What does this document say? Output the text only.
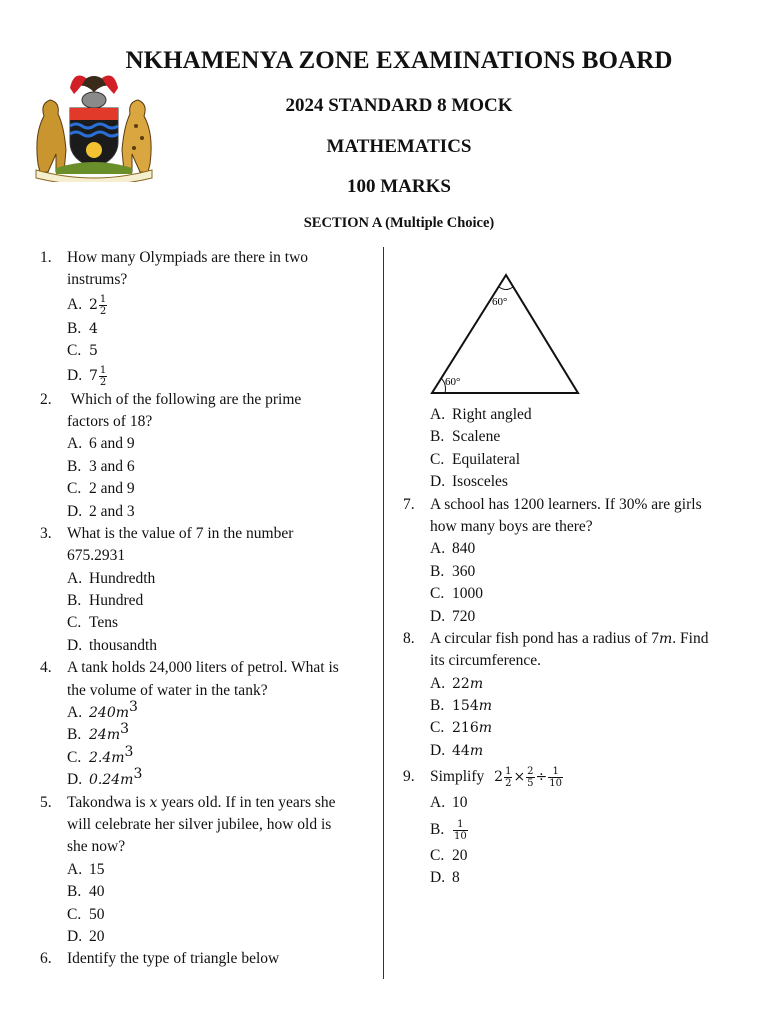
NKHAMENYA ZONE EXAMINATIONS BOARD
2024 STANDARD 8 MOCK
MATHEMATICS
100 MARKS
SECTION A (Multiple Choice)
1. How many Olympiads are there in two
instrums?
A. $2 \frac{1}{2}$
B. 4
C. 5
D. $7 \frac{1}{2}$
2. Which of the following are the prime
factors of 18?
A. 6 and 9
B. 3 and 6
C. 2 and 9
D. 2 and 3
3. What is the value of 7 in the number
675.2931
A. Hundredth
B. Hundred
C. Tens
D. thousandth
4. A tank holds 24,000 liters of petrol. What is
the volume of water in the tank?
A. $240m^3$
B. $24m^3$
C. $2.4m^3$
D. $0.24m^3$
5. Takondwa is x years old. If in ten years she
will celebrate her silver jubilee, how old is
she now?
A. 15
B. 40
C. 50
D. 20
6. Identify the type of triangle below
60°
60°
A. Right angled
B. Scalene
C. Equilateral
D. Isosceles
7. A school has 1200 learners. If 30% are girls
how many boys are there?
A. 840
B. 360
C. 1000
D. 720
8. A circular fish pond has a radius of 7m. Find
its circumference.
A. 22m
B. 154m
C. 216m
D. 44m
9. Simplify $2 \frac{1}{2} \times \frac{2}{5} \div \frac{1}{10}$
A. 10
B. $\frac{1}{10}$
C. 20
D. 8
